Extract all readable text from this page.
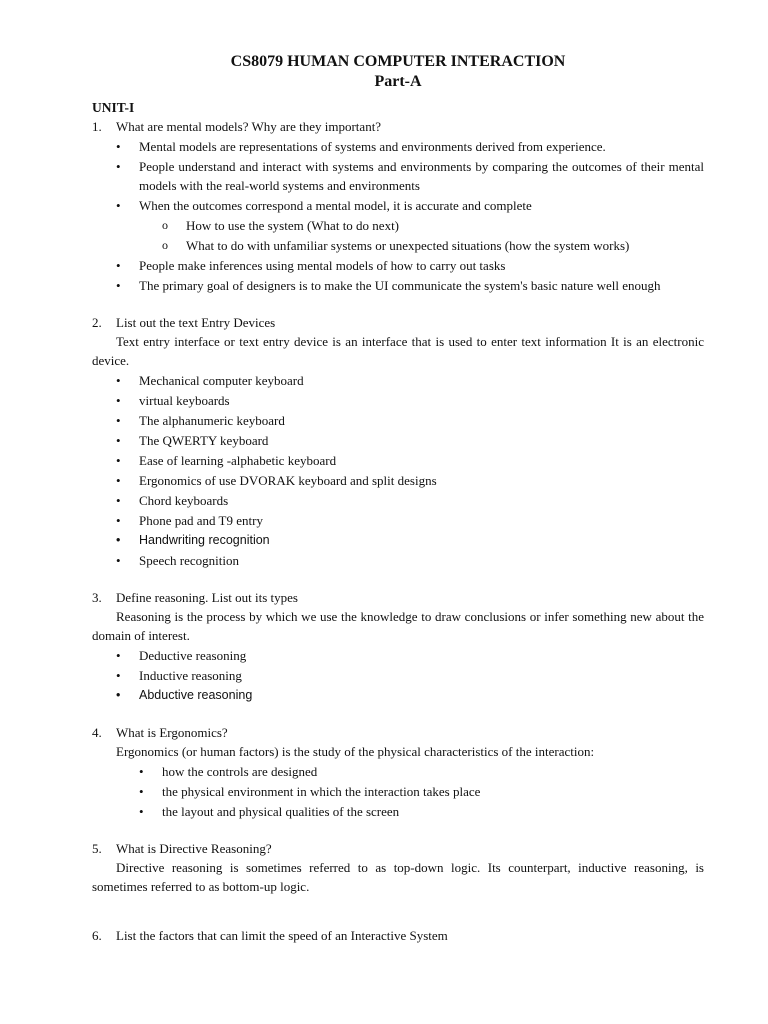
CS8079 HUMAN COMPUTER INTERACTION
Part-A
UNIT-I
1. What are mental models? Why are they important?
• Mental models are representations of systems and environments derived from experience.
• People understand and interact with systems and environments by comparing the outcomes of their mental models with the real-world systems and environments
• When the outcomes correspond a mental model, it is accurate and complete
o How to use the system (What to do next)
o What to do with unfamiliar systems or unexpected situations (how the system works)
• People make inferences using mental models of how to carry out tasks
• The primary goal of designers is to make the UI communicate the system's basic nature well enough
2. List out the text Entry Devices
Text entry interface or text entry device is an interface that is used to enter text information It is an electronic device.
• Mechanical computer keyboard
• virtual keyboards
• The alphanumeric keyboard
• The QWERTY keyboard
• Ease of learning -alphabetic keyboard
• Ergonomics of use DVORAK keyboard and split designs
• Chord keyboards
• Phone pad and T9 entry
• Handwriting recognition
• Speech recognition
3. Define reasoning. List out its types
Reasoning is the process by which we use the knowledge to draw conclusions or infer something new about the domain of interest.
• Deductive reasoning
• Inductive reasoning
• Abductive reasoning
4. What is Ergonomics?
Ergonomics (or human factors) is the study of the physical characteristics of the interaction:
• how the controls are designed
• the physical environment in which the interaction takes place
• the layout and physical qualities of the screen
5. What is Directive Reasoning?
Directive reasoning is sometimes referred to as top-down logic. Its counterpart, inductive reasoning, is sometimes referred to as bottom-up logic.
6. List the factors that can limit the speed of an Interactive System
